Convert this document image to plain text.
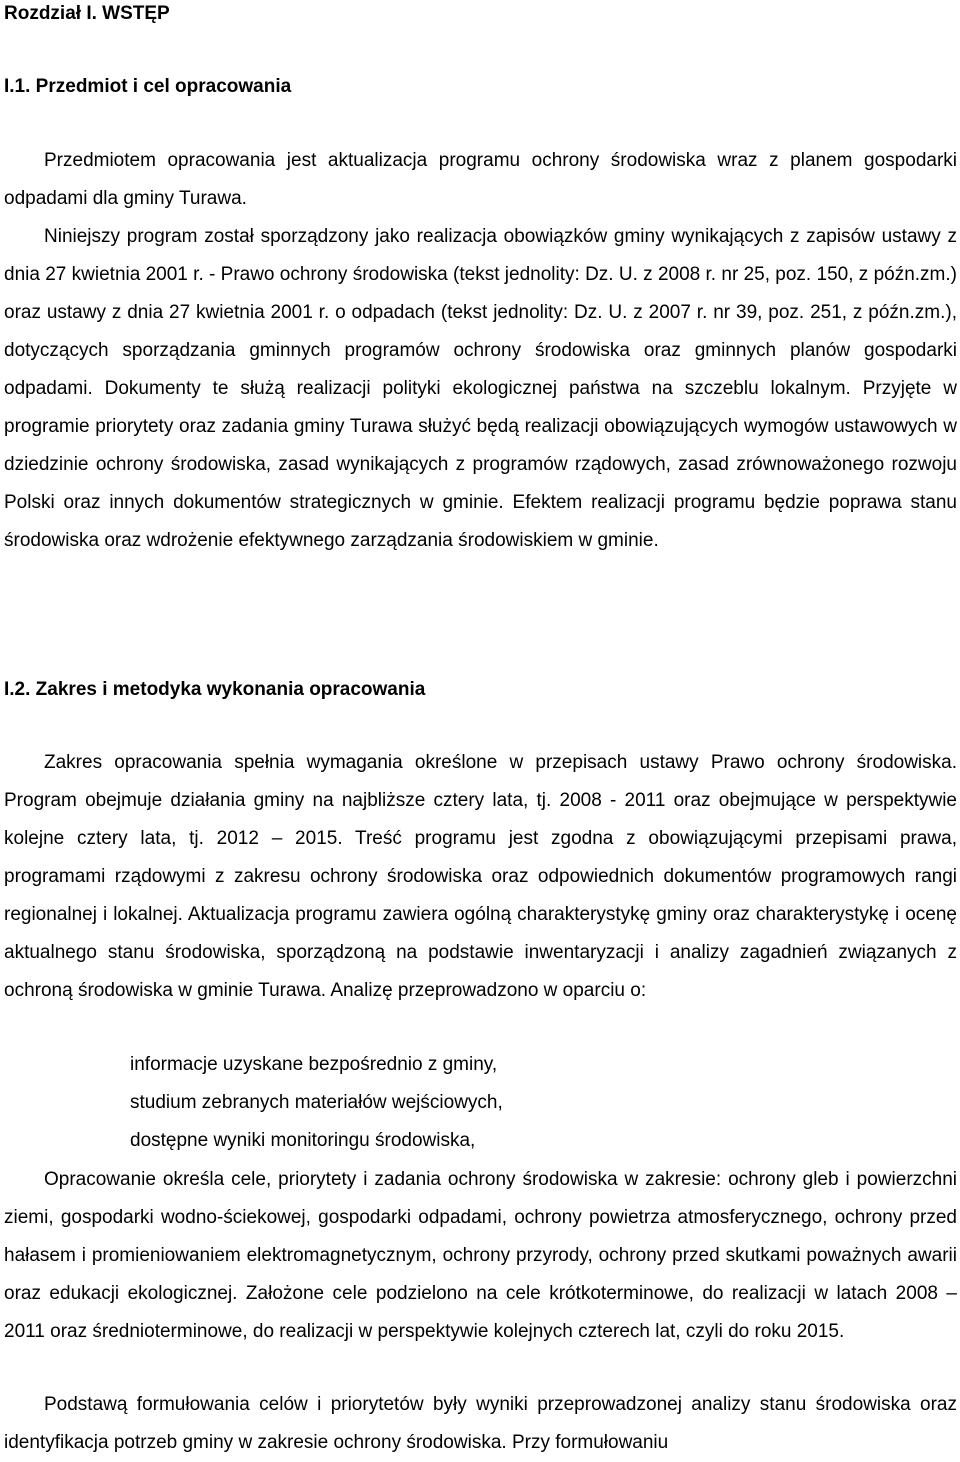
Rozdział I. WSTĘP
I.1. Przedmiot i cel opracowania

Przedmiotem opracowania jest aktualizacja programu ochrony środowiska wraz z planem gospodarki odpadami dla gminy Turawa.

Niniejszy program został sporządzony jako realizacja obowiązków gminy wynikających z zapisów ustawy z dnia 27 kwietnia 2001 r. - Prawo ochrony środowiska (tekst jednolity: Dz. U. z 2008 r. nr 25, poz. 150, z późn.zm.) oraz ustawy z dnia 27 kwietnia 2001 r. o odpadach (tekst jednolity: Dz. U. z 2007 r. nr 39, poz. 251, z późn.zm.), dotyczących sporządzania gminnych programów ochrony środowiska oraz gminnych planów gospodarki odpadami. Dokumenty te służą realizacji polityki ekologicznej państwa na szczeblu lokalnym. Przyjęte w programie priorytety oraz zadania gminy Turawa służyć będą realizacji obowiązujących wymogów ustawowych w dziedzinie ochrony środowiska, zasad wynikających z programów rządowych, zasad zrównoważonego rozwoju Polski oraz innych dokumentów strategicznych w gminie. Efektem realizacji programu będzie poprawa stanu środowiska oraz wdrożenie efektywnego zarządzania środowiskiem w gminie.

I.2. Zakres i metodyka wykonania opracowania

Zakres opracowania spełnia wymagania określone w przepisach ustawy Prawo ochrony środowiska. Program obejmuje działania gminy na najbliższe cztery lata, tj. 2008 - 2011 oraz obejmujące w perspektywie kolejne cztery lata, tj. 2012 – 2015. Treść programu jest zgodna z obowiązującymi przepisami prawa, programami rządowymi z zakresu ochrony środowiska oraz odpowiednich dokumentów programowych rangi regionalnej i lokalnej. Aktualizacja programu zawiera ogólną charakterystykę gminy oraz charakterystykę i ocenę aktualnego stanu środowiska, sporządzoną na podstawie inwentaryzacji i analizy zagadnień związanych z ochroną środowiska w gminie Turawa. Analizę przeprowadzono w oparciu o:

informacje uzyskane bezpośrednio z gminy,
studium zebranych materiałów wejściowych,
dostępne wyniki monitoringu środowiska,

Opracowanie określa cele, priorytety i zadania ochrony środowiska w zakresie: ochrony gleb i powierzchni ziemi, gospodarki wodno-ściekowej, gospodarki odpadami, ochrony powietrza atmosferycznego, ochrony przed hałasem i promieniowaniem elektromagnetycznym, ochrony przyrody, ochrony przed skutkami poważnych awarii oraz edukacji ekologicznej. Założone cele podzielono na cele krótkoterminowe, do realizacji w latach 2008 – 2011 oraz średnioterminowe, do realizacji w perspektywie kolejnych czterech lat, czyli do roku 2015.

Podstawą formułowania celów i priorytetów były wyniki przeprowadzonej analizy stanu środowiska oraz identyfikacja potrzeb gminy w zakresie ochrony środowiska. Przy formułowaniu
